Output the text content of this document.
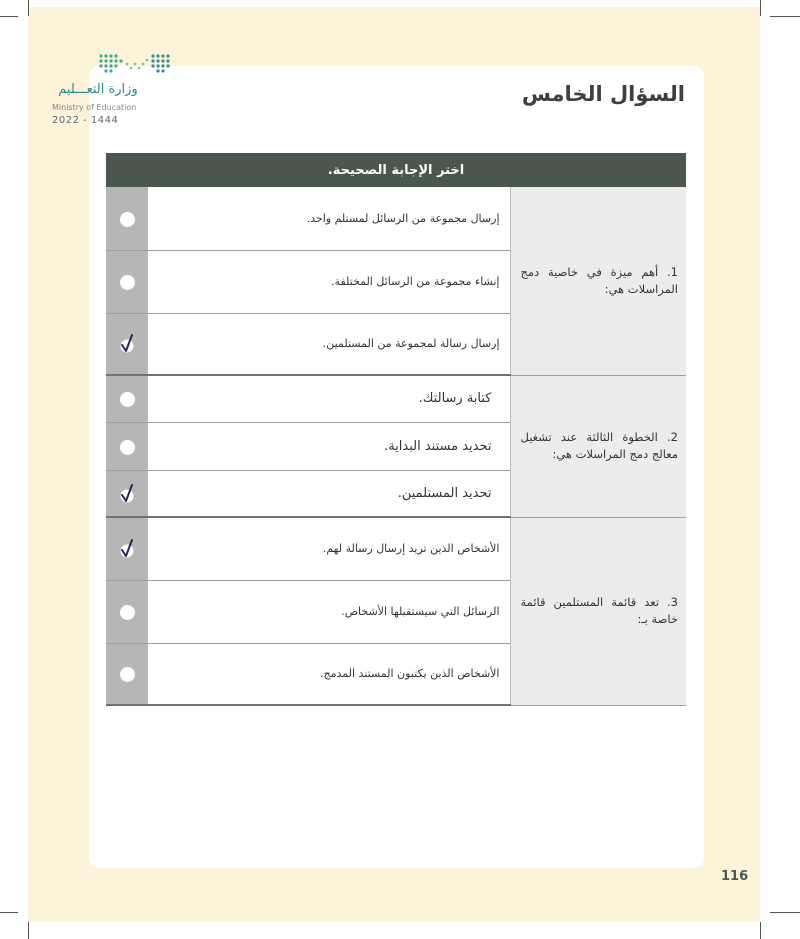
وزارة التعـــليم
Ministry of Education
2022 - 1444
السؤال الخامس
اختر الإجابة الصحيحة.		
1. أهم ميزة في خاصية دمج المراسلات هي:	إرسال مجموعة من الرسائل لمستلم واحد.	
	إنشاء مجموعة من الرسائل المختلفة.	
	إرسال رسالة لمجموعة من المستلمين.	
2. الخطوة الثالثة عند تشغيل معالج دمج المراسلات هي:	كتابة رسالتك.	
	تحديد مستند البداية.	
	تحديد المستلمين.	
3. تعد قائمة المستلمين قائمة خاصة بـ:	الأشخاص الذين تريد إرسال رسالة لهم.	
	الرسائل التي سيستقبلها الأشخاص.	
	الأشخاص الذين يكتبون المستند المدمج.	
116
